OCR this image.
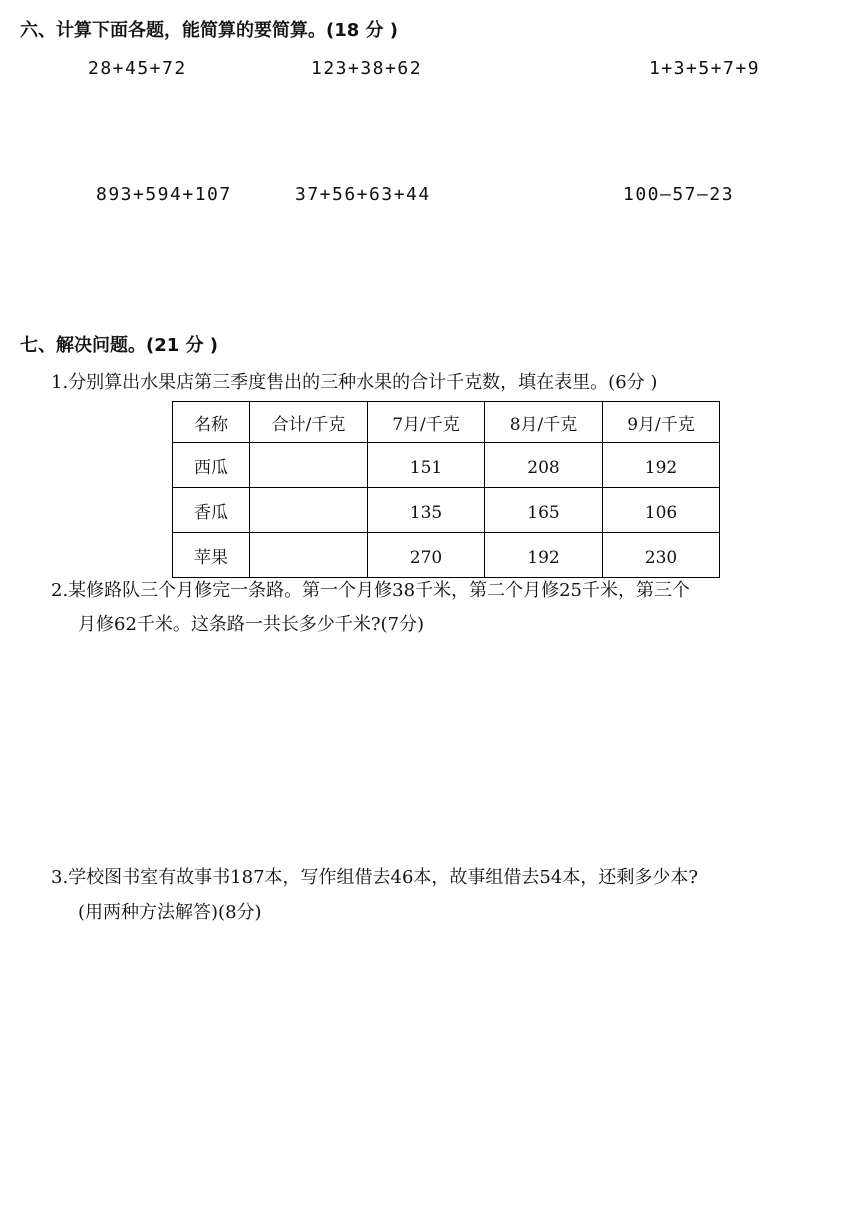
六、计算下面各题，能简算的要简算。(18 分 )
28+45+72	123+38+62	1+3+5+7+9
893+594+107	37+56+63+44	100—57—23
七、解决问题。(21 分 )
1.分别算出水果店第三季度售出的三种水果的合计千克数，填在表里。(6分 )
名称	合计/千克	7月/千克	8月/千克	9月/千克
西瓜		151	208	192
香瓜		135	165	106
苹果		270	192	230
2.某修路队三个月修完一条路。第一个月修38千米，第二个月修25千米，第三个
月修62千米。这条路一共长多少千米?(7分)
3.学校图书室有故事书187本，写作组借去46本，故事组借去54本，还剩多少本?
(用两种方法解答)(8分)
